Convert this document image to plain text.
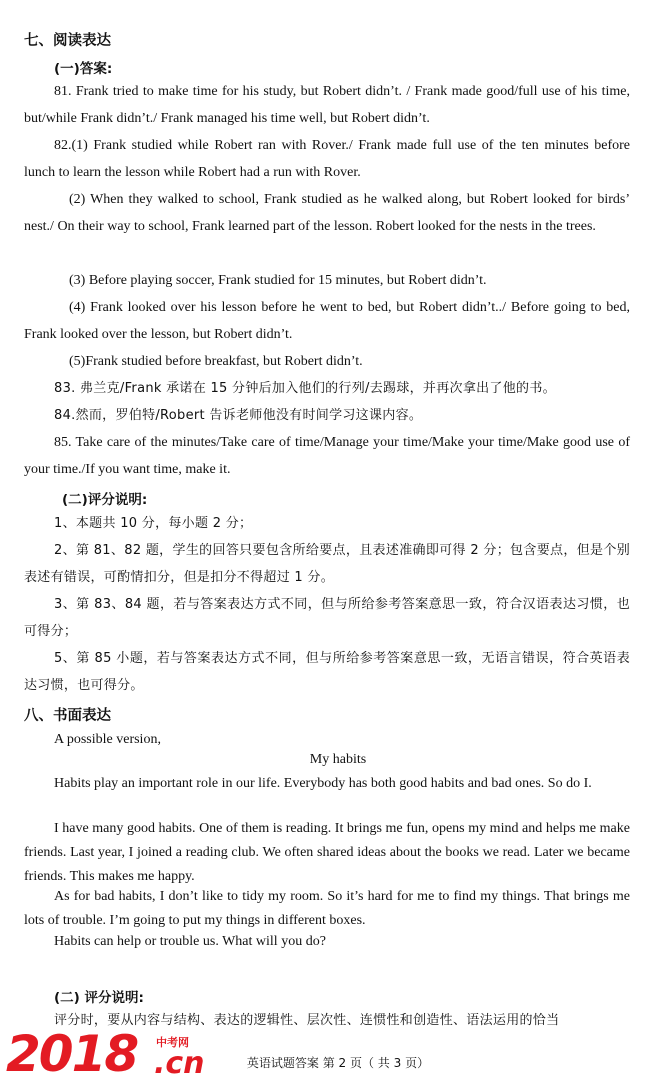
七、阅读表达
(一)答案:
81. Frank tried to make time for his study, but Robert didn’t. / Frank made good/full use of his time, but/while Frank didn’t./ Frank managed his time well, but Robert didn’t.
82.(1) Frank studied while Robert ran with Rover./ Frank made full use of the ten minutes before lunch to learn the lesson while Robert had a run with Rover.
(2) When they walked to school, Frank studied as he walked along, but Robert looked for birds’ nest./ On their way to school, Frank learned part of the lesson. Robert looked for the nests in the trees.
(3) Before playing soccer, Frank studied for 15 minutes, but Robert didn’t.
(4) Frank looked over his lesson before he went to bed, but Robert didn’t../ Before going to bed, Frank looked over the lesson, but Robert didn’t.
(5)Frank studied before breakfast, but Robert didn’t.
83. 弗兰克/Frank 承诺在 15 分钟后加入他们的行列/去踢球，并再次拿出了他的书。
84.然而，罗伯特/Robert 告诉老师他没有时间学习这课内容。
85. Take care of the minutes/Take care of time/Manage your time/Make your time/Make good use of your time./If you want time, make it.
(二)评分说明:
1、本题共 10 分，每小题 2 分；
2、第 81、82 题，学生的回答只要包含所给要点，且表述准确即可得 2 分；包含要点，但是个别表述有错误，可酌情扣分，但是扣分不得超过 1 分。
3、第 83、84 题，若与答案表达方式不同，但与所给参考答案意思一致，符合汉语表达习惯，也可得分；
5、第 85 小题，若与答案表达方式不同，但与所给参考答案意思一致，无语言错误，符合英语表达习惯，也可得分。
八、书面表达
A possible version,
My habits
Habits play an important role in our life. Everybody has both good habits and bad ones. So do I.
I have many good habits. One of them is reading. It brings me fun, opens my mind and helps me make friends. Last year, I joined a reading club. We often shared ideas about the books we read. Later we became friends. This makes me happy.
As for bad habits, I don’t like to tidy my room. So it’s hard for me to find my things. That brings me lots of trouble. I’m going to put my things in different boxes.
Habits can help or trouble us. What will you do?
(二) 评分说明:
评分时，要从内容与结构、表达的逻辑性、层次性、连惯性和创造性、语法运用的恰当
2018 中考网
.cn	英语试题答案 第 2 页（ 共 3 页）
